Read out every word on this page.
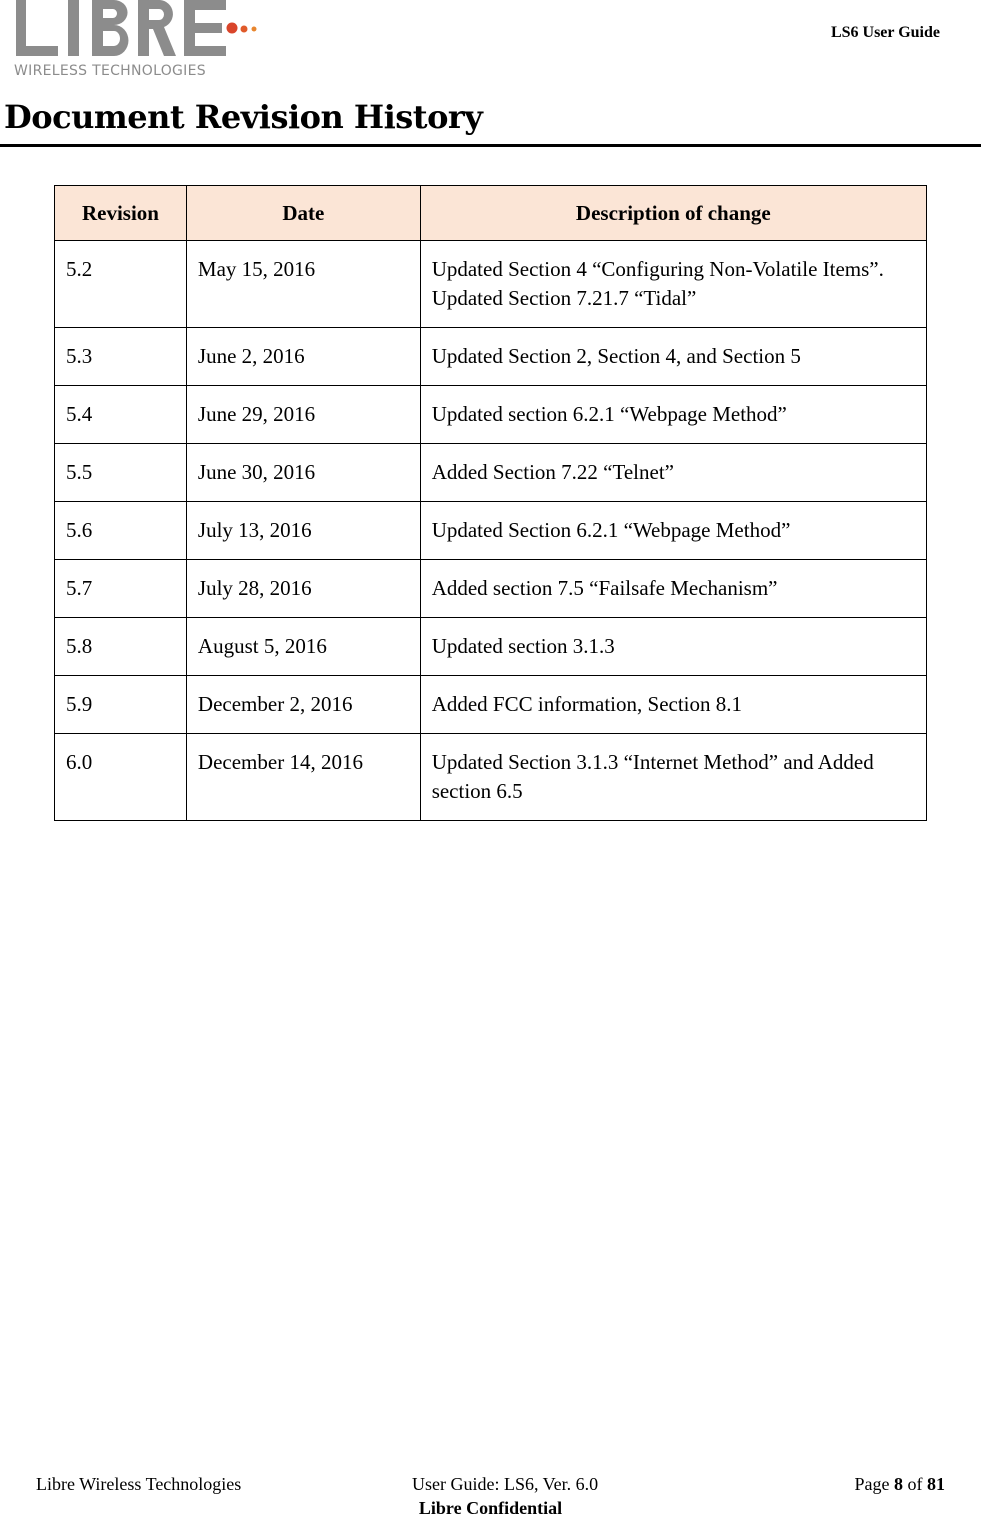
WIRELESS TECHNOLOGIES
LS6 User Guide
Document Revision History
Revision	Date	Description of change
5.2	May 15, 2016	Updated Section 4 “Configuring Non-Volatile Items”. Updated Section 7.21.7 “Tidal”
5.3	June 2, 2016	Updated Section 2, Section 4, and Section 5
5.4	June 29, 2016	Updated section 6.2.1 “Webpage Method”
5.5	June 30, 2016	Added Section 7.22 “Telnet”
5.6	July 13, 2016	Updated Section 6.2.1 “Webpage Method”
5.7	July 28, 2016	Added section 7.5 “Failsafe Mechanism”
5.8	August 5, 2016	Updated section 3.1.3
5.9	December 2, 2016	Added FCC information, Section 8.1
6.0	December 14, 2016	Updated Section 3.1.3 “Internet Method” and Added section 6.5
Libre Wireless Technologies	User Guide: LS6, Ver. 6.0	Page 8 of 81
Libre Confidential
